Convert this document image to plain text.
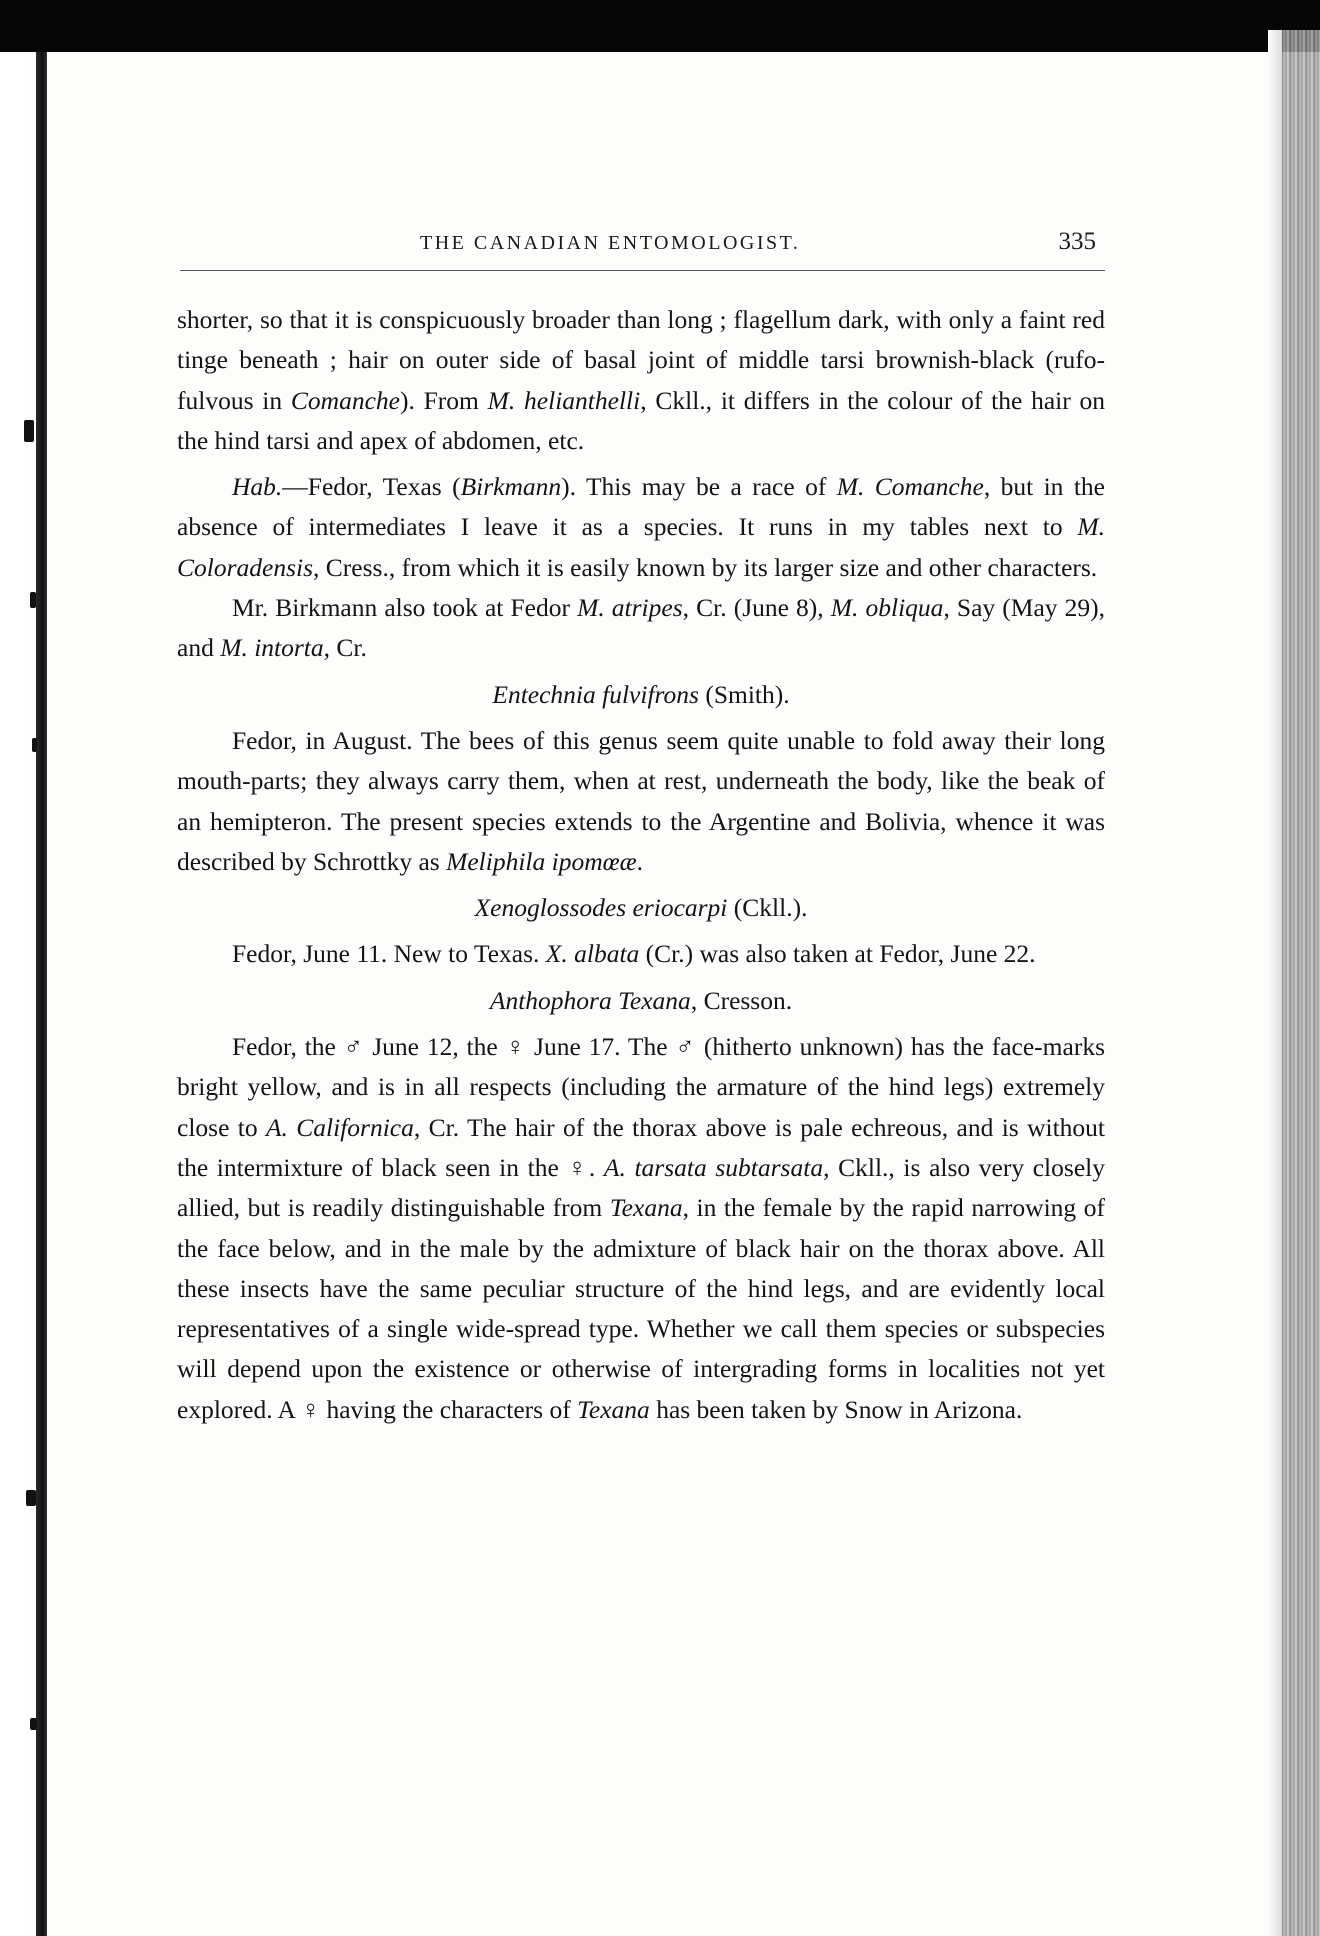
THE CANADIAN ENTOMOLOGIST.	335

shorter, so that it is conspicuously broader than long ; flagellum dark, with only a faint red tinge beneath ; hair on outer side of basal joint of middle tarsi brownish-black (rufo-fulvous in Comanche). From M. helianthelli, Ckll., it differs in the colour of the hair on the hind tarsi and apex of abdomen, etc.

Hab.—Fedor, Texas (Birkmann). This may be a race of M. Comanche, but in the absence of intermediates I leave it as a species. It runs in my tables next to M. Coloradensis, Cress., from which it is easily known by its larger size and other characters.

Mr. Birkmann also took at Fedor M. atripes, Cr. (June 8), M. obliqua, Say (May 29), and M. intorta, Cr.

Entechnia fulvifrons (Smith).

Fedor, in August. The bees of this genus seem quite unable to fold away their long mouth-parts; they always carry them, when at rest, underneath the body, like the beak of an hemipteron. The present species extends to the Argentine and Bolivia, whence it was described by Schrottky as Meliphila ipomœæ.

Xenoglossodes eriocarpi (Ckll.).

Fedor, June 11. New to Texas. X. albata (Cr.) was also taken at Fedor, June 22.

Anthophora Texana, Cresson.

Fedor, the ♂ June 12, the ♀ June 17. The ♂ (hitherto unknown) has the face-marks bright yellow, and is in all respects (including the armature of the hind legs) extremely close to A. Californica, Cr. The hair of the thorax above is pale echreous, and is without the intermixture of black seen in the ♀. A. tarsata subtarsata, Ckll., is also very closely allied, but is readily distinguishable from Texana, in the female by the rapid narrowing of the face below, and in the male by the admixture of black hair on the thorax above. All these insects have the same peculiar structure of the hind legs, and are evidently local representatives of a single wide-spread type. Whether we call them species or subspecies will depend upon the existence or otherwise of intergrading forms in localities not yet explored. A ♀ having the characters of Texana has been taken by Snow in Arizona.
